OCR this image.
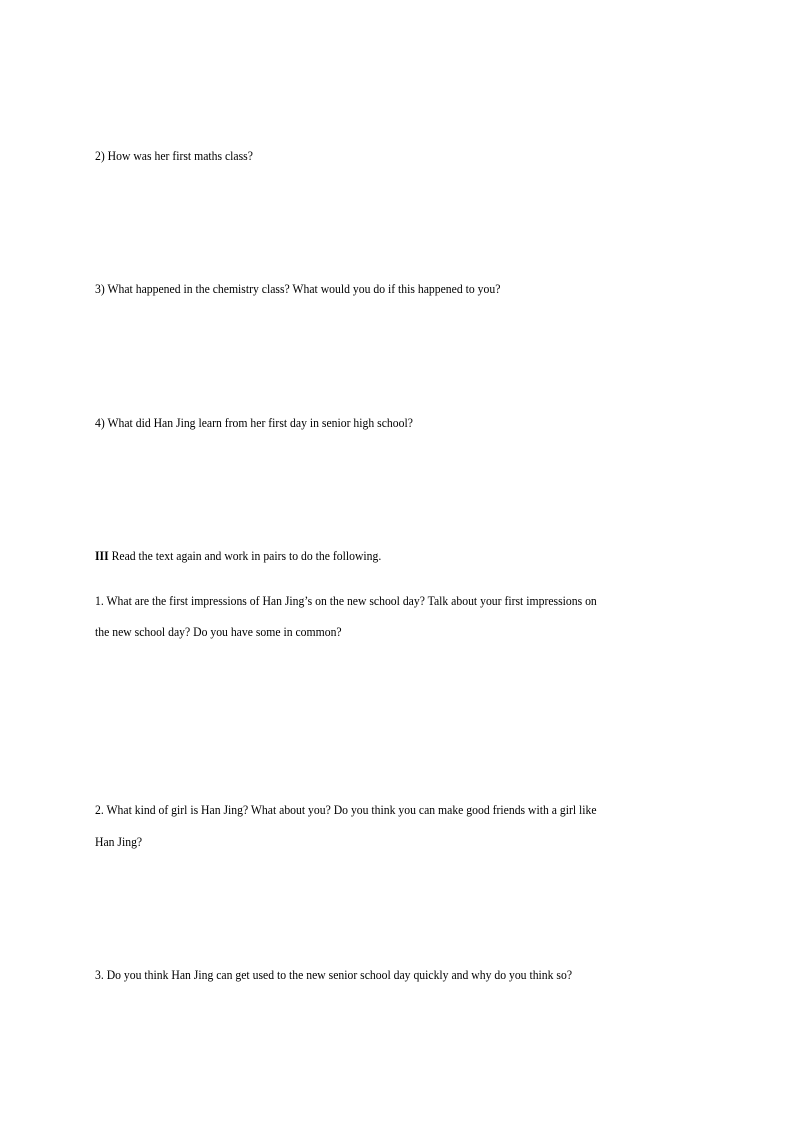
2) How was her first maths class?
3) What happened in the chemistry class? What would you do if this happened to you?
4) What did Han Jing learn from her first day in senior high school?
III Read the text again and work in pairs to do the following.
1. What are the first impressions of Han Jing’s on the new school day? Talk about your first impressions on
the new school day? Do you have some in common?
2. What kind of girl is Han Jing? What about you? Do you think you can make good friends with a girl like
Han Jing?
3. Do you think Han Jing can get used to the new senior school day quickly and why do you think so?
